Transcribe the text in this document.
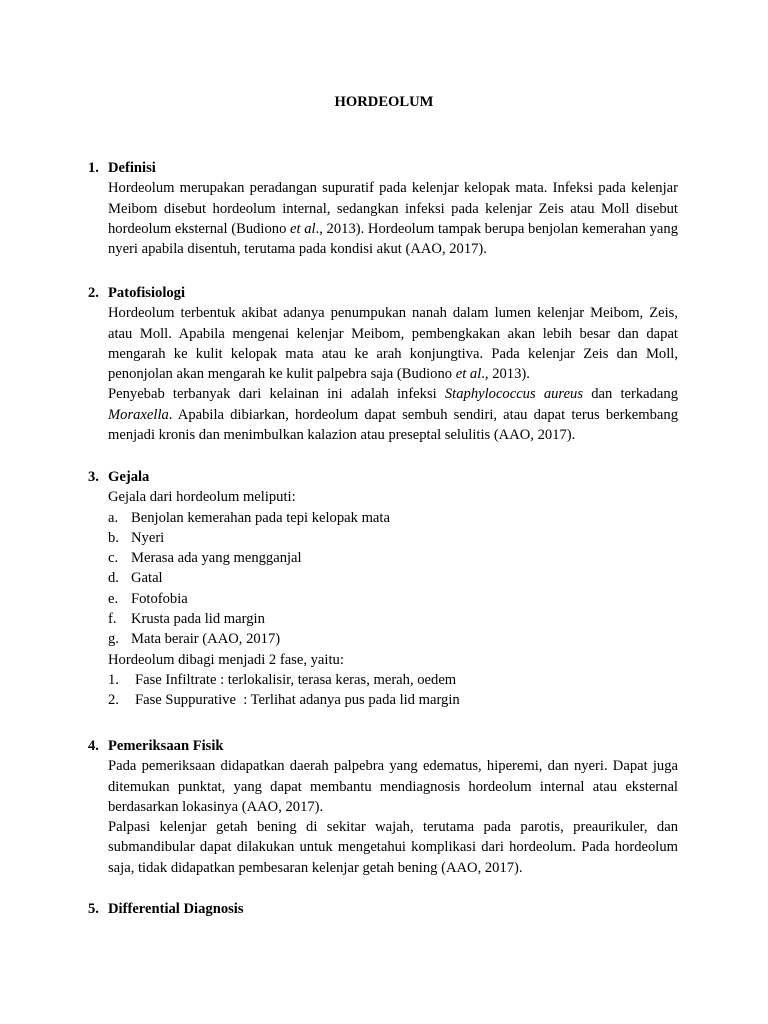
HORDEOLUM
1. Definisi

Hordeolum merupakan peradangan supuratif pada kelenjar kelopak mata. Infeksi pada kelenjar Meibom disebut hordeolum internal, sedangkan infeksi pada kelenjar Zeis atau Moll disebut hordeolum eksternal (Budiono et al., 2013). Hordeolum tampak berupa benjolan kemerahan yang nyeri apabila disentuh, terutama pada kondisi akut (AAO, 2017).

2. Patofisiologi

Hordeolum terbentuk akibat adanya penumpukan nanah dalam lumen kelenjar Meibom, Zeis, atau Moll. Apabila mengenai kelenjar Meibom, pembengkakan akan lebih besar dan dapat mengarah ke kulit kelopak mata atau ke arah konjungtiva. Pada kelenjar Zeis dan Moll, penonjolan akan mengarah ke kulit palpebra saja (Budiono et al., 2013).

Penyebab terbanyak dari kelainan ini adalah infeksi Staphylococcus aureus dan terkadang Moraxella. Apabila dibiarkan, hordeolum dapat sembuh sendiri, atau dapat terus berkembang menjadi kronis dan menimbulkan kalazion atau preseptal selulitis (AAO, 2017).

3. Gejala
Gejala dari hordeolum meliputi:
a. Benjolan kemerahan pada tepi kelopak mata
b. Nyeri
c. Merasa ada yang mengganjal
d. Gatal
e. Fotofobia
f. Krusta pada lid margin
g. Mata berair (AAO, 2017)
Hordeolum dibagi menjadi 2 fase, yaitu:
1. Fase Infiltrate : terlokalisir, terasa keras, merah, oedem
2. Fase Suppurative  : Terlihat adanya pus pada lid margin
4. Pemeriksaan Fisik

Pada pemeriksaan didapatkan daerah palpebra yang edematus, hiperemi, dan nyeri. Dapat juga ditemukan punktat, yang dapat membantu mendiagnosis hordeolum internal atau eksternal berdasarkan lokasinya (AAO, 2017).

Palpasi kelenjar getah bening di sekitar wajah, terutama pada parotis, preaurikuler, dan submandibular dapat dilakukan untuk mengetahui komplikasi dari hordeolum. Pada hordeolum saja, tidak didapatkan pembesaran kelenjar getah bening (AAO, 2017).

5. Differential Diagnosis
